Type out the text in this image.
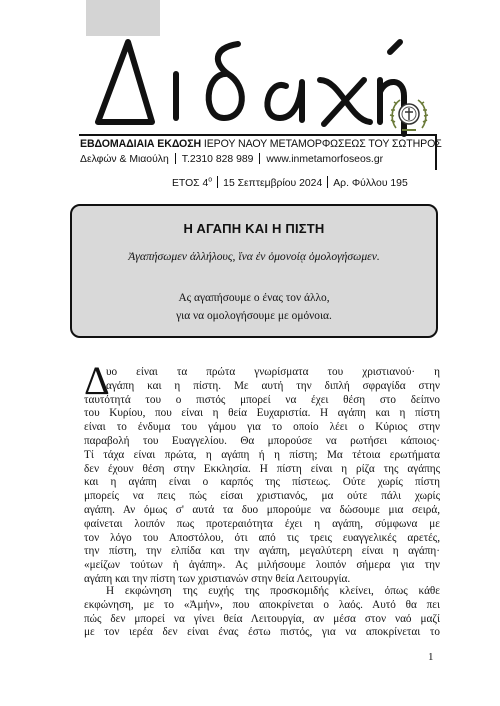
ΕΒΔΟΜΑΔΙΑΙΑ ΕΚΔΟΣΗ ΙΕΡΟΥ ΝΑΟΥ ΜΕΤΑΜΟΡΦΩΣΕΩΣ ΤΟΥ ΣΩΤΗΡΟΣ
Δελφών & Μιαούλη Τ.2310 828 989 www.inmetamorfoseos.gr
ΕΤΟΣ $4^o$ 15 Σεπτεμβρίου 2024 Αρ. Φύλλου 195
Η ΑΓΑΠΗ ΚΑΙ Η ΠΙΣΤΗ
Ἀγαπήσωμεν ἀλλήλους, ἵνα ἐν ὁμονοίᾳ ὁμολογήσωμεν.
Ας αγαπήσουμε ο ένας τον άλλο,
για να ομολογήσουμε με ομόνοια.
Δ
υο είναι τα πρώτα γνωρίσματα του χριστιανού· η
αγάπη και η πίστη. Με αυτή την διπλή σφραγίδα στην
ταυτότητά του ο πιστός μπορεί να έχει θέση στο δείπνο
του Κυρίου, που είναι η θεία Ευχαριστία. Η αγάπη και η πίστη
είναι το ένδυμα του γάμου για το οποίο λέει ο Κύριος στην
παραβολή του Ευαγγελίου. Θα μπορούσε να ρωτήσει κάποιος·
Τί τάχα είναι πρώτα, η αγάπη ή η πίστη; Μα τέτοια ερωτήματα
δεν έχουν θέση στην Εκκλησία. Η πίστη είναι η ρίζα της αγάπης
και η αγάπη είναι ο καρπός της πίστεως. Ούτε χωρίς πίστη
μπορείς να πεις πώς είσαι χριστιανός, μα ούτε πάλι χωρίς
αγάπη. Αν όμως σ' αυτά τα δυο μπορούμε να δώσουμε μια σειρά,
φαίνεται λοιπόν πως προτεραιότητα έχει η αγάπη, σύμφωνα με
τον λόγο του Αποστόλου, ότι από τις τρεις ευαγγελικές αρετές,
την πίστη, την ελπίδα και την αγάπη, μεγαλύτερη είναι η αγάπη·
«μείζων τούτων ἡ ἀγάπη». Ας μιλήσουμε λοιπόν σήμερα για την
αγάπη και την πίστη των χριστιανών στην θεία Λειτουργία.
Η εκφώνηση της ευχής της προσκομιδής κλείνει, όπως κάθε
εκφώνηση, με το «Ἀμήν», που αποκρίνεται ο λαός. Αυτό θα πει
πώς δεν μπορεί να γίνει θεία Λειτουργία, αν μέσα στον ναό μαζί
με τον ιερέα δεν είναι ένας έστω πιστός, για να αποκρίνεται το
1
